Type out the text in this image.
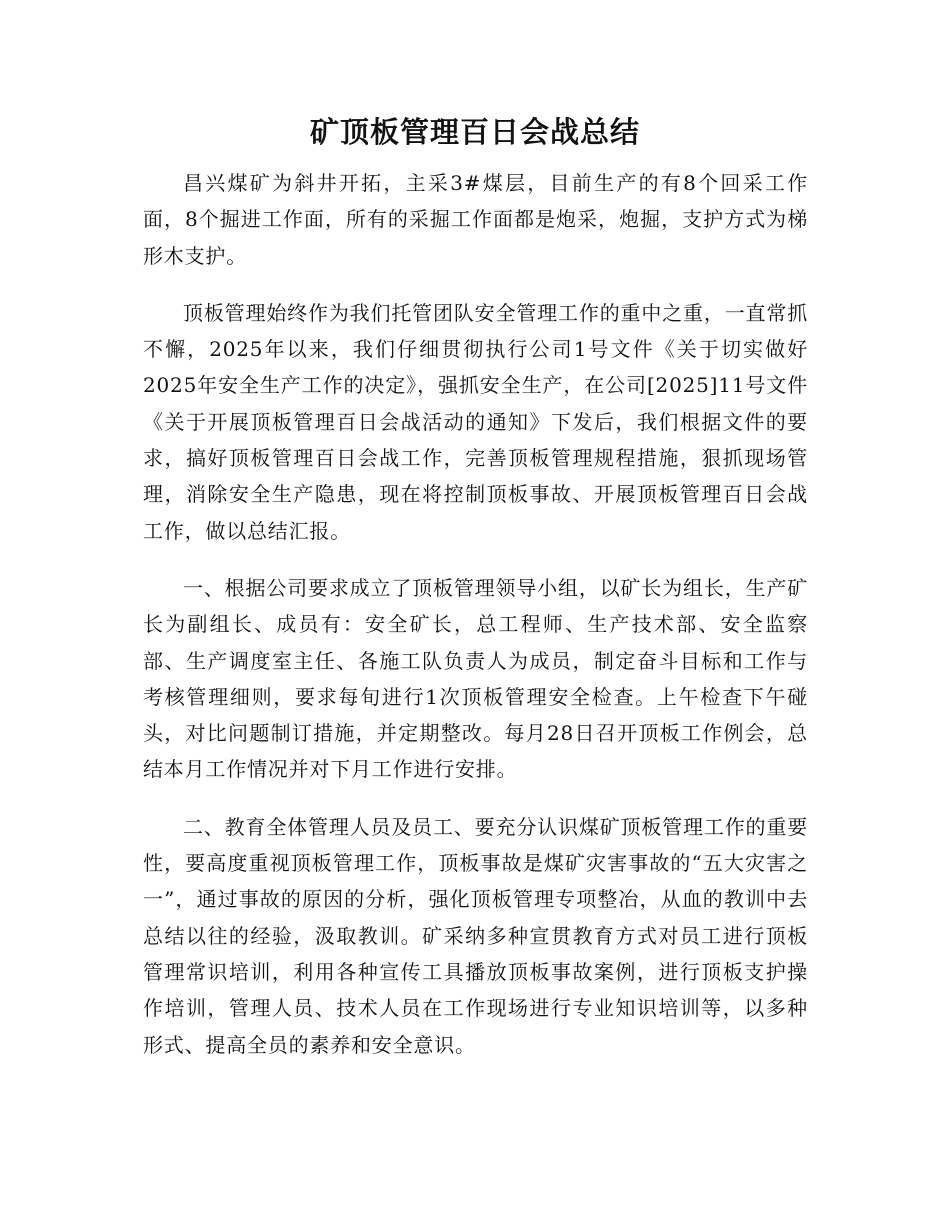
矿顶板管理百日会战总结

昌兴煤矿为斜井开拓，主采3#煤层，目前生产的有8个回采工作面，8个掘进工作面，所有的采掘工作面都是炮采，炮掘，支护方式为梯形木支护。

顶板管理始终作为我们托管团队安全管理工作的重中之重，一直常抓不懈，2025年以来，我们仔细贯彻执行公司1号文件《关于切实做好2025年安全生产工作的决定》，强抓安全生产，在公司[2025]11号文件《关于开展顶板管理百日会战活动的通知》下发后，我们根据文件的要求，搞好顶板管理百日会战工作，完善顶板管理规程措施，狠抓现场管理，消除安全生产隐患，现在将控制顶板事故、开展顶板管理百日会战工作，做以总结汇报。

一、根据公司要求成立了顶板管理领导小组，以矿长为组长，生产矿长为副组长、成员有：安全矿长，总工程师、生产技术部、安全监察部、生产调度室主任、各施工队负责人为成员，制定奋斗目标和工作与考核管理细则，要求每旬进行1次顶板管理安全检查。上午检查下午碰头，对比问题制订措施，并定期整改。每月28日召开顶板工作例会，总结本月工作情况并对下月工作进行安排。

二、教育全体管理人员及员工、要充分认识煤矿顶板管理工作的重要性，要高度重视顶板管理工作，顶板事故是煤矿灾害事故的“五大灾害之一”，通过事故的原因的分析，强化顶板管理专项整冶，从血的教训中去总结以往的经验，汲取教训。矿采纳多种宣贯教育方式对员工进行顶板管理常识培训，利用各种宣传工具播放顶板事故案例，进行顶板支护操作培训，管理人员、技术人员在工作现场进行专业知识培训等，以多种形式、提高全员的素养和安全意识。
